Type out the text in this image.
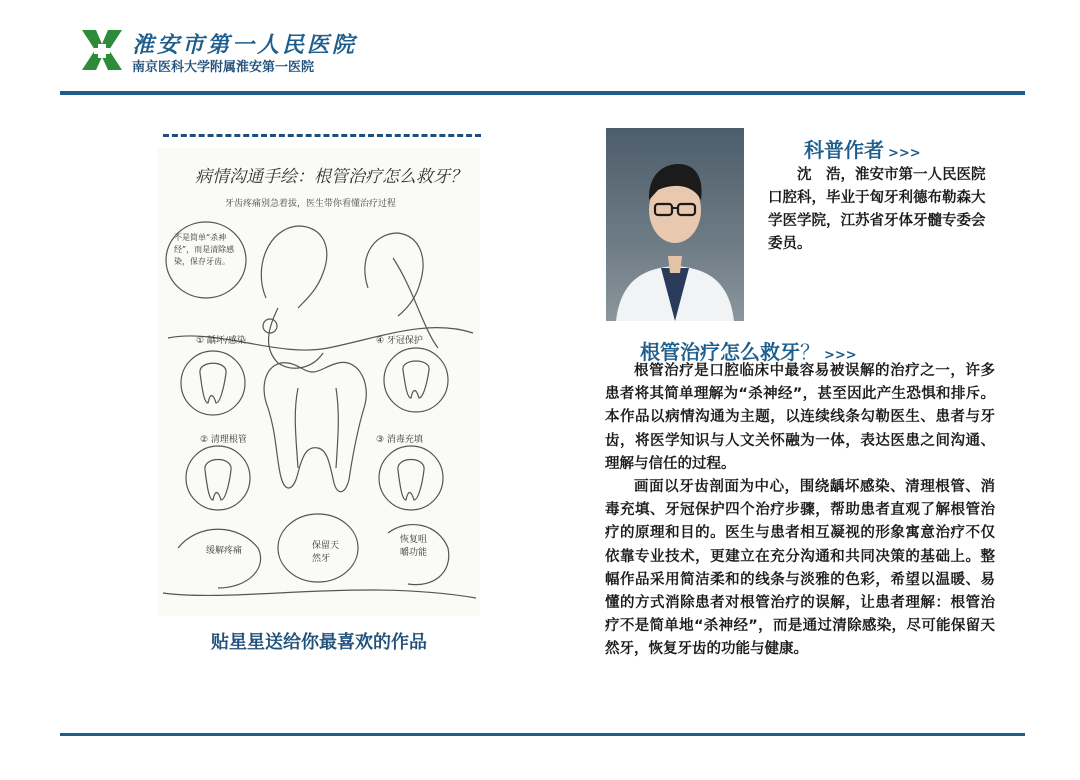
淮安市第一人民医院
南京医科大学附属淮安第一医院
病情沟通手绘：根管治疗怎么救牙？
牙齿疼痛别急着拔，医生带你看懂治疗过程
不是简单“杀神经”，而是清除感染，保存牙齿。
① 龋坏/感染	④ 牙冠保护
② 清理根管	③ 消毒充填
缓解疼痛	保留天然牙
恢复咀嚼功能
贴星星送给你最喜欢的作品
科普作者 >>>
沈　浩，淮安市第一人民医院口腔科，毕业于匈牙利德布勒森大学医学院，江苏省牙体牙髓专委会委员。
根管治疗怎么救牙？ >>>

根管治疗是口腔临床中最容易被误解的治疗之一，许多患者将其简单理解为“杀神经”，甚至因此产生恐惧和排斥。本作品以病情沟通为主题，以连续线条勾勒医生、患者与牙齿，将医学知识与人文关怀融为一体，表达医患之间沟通、理解与信任的过程。

画面以牙齿剖面为中心，围绕龋坏感染、清理根管、消毒充填、牙冠保护四个治疗步骤，帮助患者直观了解根管治疗的原理和目的。医生与患者相互凝视的形象寓意治疗不仅依靠专业技术，更建立在充分沟通和共同决策的基础上。整幅作品采用简洁柔和的线条与淡雅的色彩，希望以温暖、易懂的方式消除患者对根管治疗的误解，让患者理解：根管治疗不是简单地“杀神经”，而是通过清除感染，尽可能保留天然牙，恢复牙齿的功能与健康。
